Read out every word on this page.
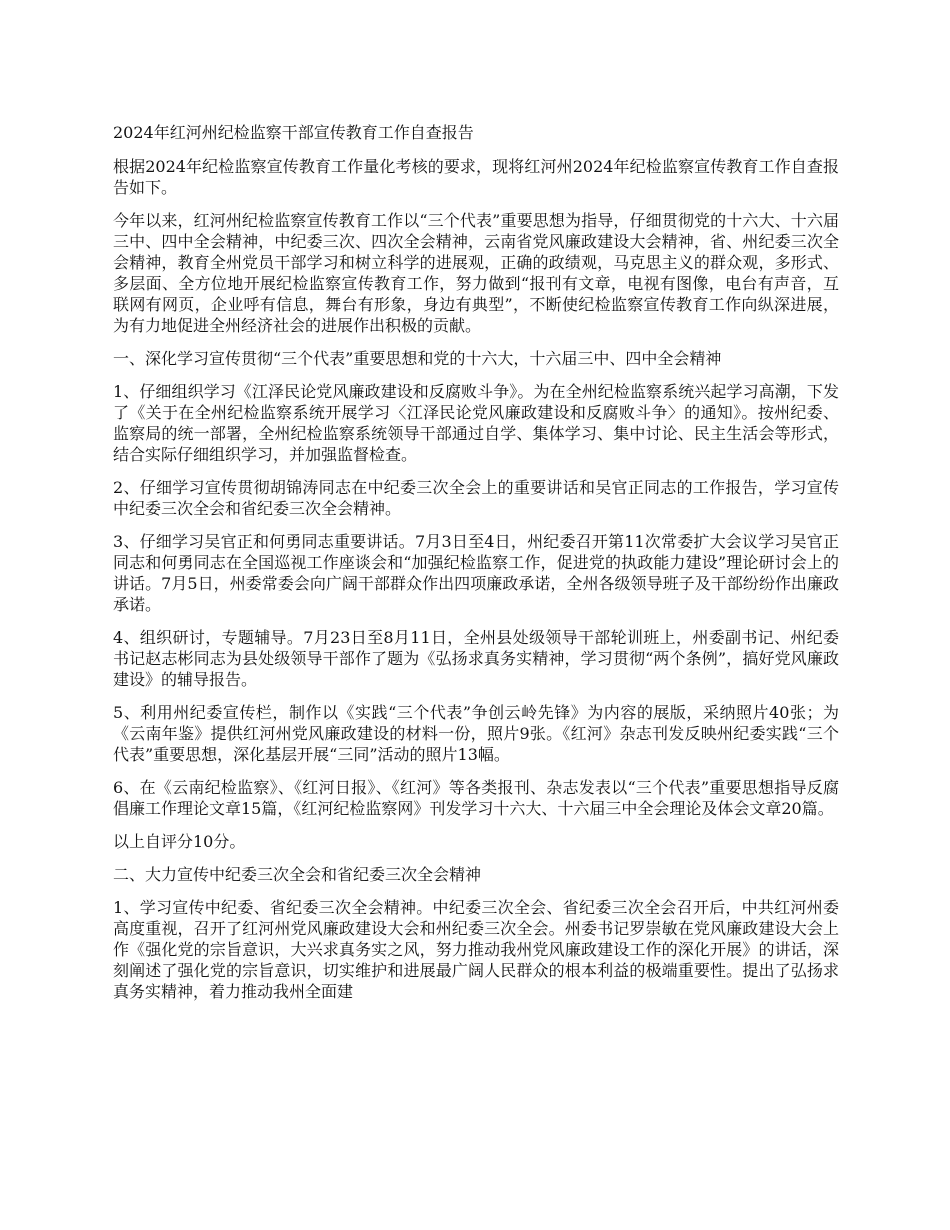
2024年红河州纪检监察干部宣传教育工作自查报告

根据2024年纪检监察宣传教育工作量化考核的要求，现将红河州2024年纪检监察宣传教育工作自查报告如下。

今年以来，红河州纪检监察宣传教育工作以“三个代表”重要思想为指导，仔细贯彻党的十六大、十六届三中、四中全会精神，中纪委三次、四次全会精神，云南省党风廉政建设大会精神，省、州纪委三次全会精神，教育全州党员干部学习和树立科学的进展观，正确的政绩观，马克思主义的群众观，多形式、多层面、全方位地开展纪检监察宣传教育工作，努力做到“报刊有文章，电视有图像，电台有声音，互联网有网页，企业呼有信息，舞台有形象，身边有典型”，不断使纪检监察宣传教育工作向纵深进展，为有力地促进全州经济社会的进展作出积极的贡献。

一、深化学习宣传贯彻“三个代表”重要思想和党的十六大，十六届三中、四中全会精神

1、仔细组织学习《江泽民论党风廉政建设和反腐败斗争》。为在全州纪检监察系统兴起学习高潮，下发了《关于在全州纪检监察系统开展学习〈江泽民论党风廉政建设和反腐败斗争〉的通知》。按州纪委、监察局的统一部署，全州纪检监察系统领导干部通过自学、集体学习、集中讨论、民主生活会等形式，结合实际仔细组织学习，并加强监督检查。

2、仔细学习宣传贯彻胡锦涛同志在中纪委三次全会上的重要讲话和吴官正同志的工作报告，学习宣传中纪委三次全会和省纪委三次全会精神。

3、仔细学习吴官正和何勇同志重要讲话。7月3日至4日，州纪委召开第11次常委扩大会议学习吴官正同志和何勇同志在全国巡视工作座谈会和“加强纪检监察工作，促进党的执政能力建设”理论研讨会上的讲话。7月5日，州委常委会向广阔干部群众作出四项廉政承诺，全州各级领导班子及干部纷纷作出廉政承诺。

4、组织研讨，专题辅导。7月23日至8月11日，全州县处级领导干部轮训班上，州委副书记、州纪委书记赵志彬同志为县处级领导干部作了题为《弘扬求真务实精神，学习贯彻“两个条例”，搞好党风廉政建设》的辅导报告。

5、利用州纪委宣传栏，制作以《实践“三个代表”争创云岭先锋》为内容的展版，采纳照片40张；为《云南年鉴》提供红河州党风廉政建设的材料一份，照片9张。《红河》杂志刊发反映州纪委实践“三个代表”重要思想，深化基层开展“三同”活动的照片13幅。

6、在《云南纪检监察》、《红河日报》、《红河》等各类报刊、杂志发表以“三个代表”重要思想指导反腐倡廉工作理论文章15篇，《红河纪检监察网》刊发学习十六大、十六届三中全会理论及体会文章20篇。

以上自评分10分。

二、大力宣传中纪委三次全会和省纪委三次全会精神

1、学习宣传中纪委、省纪委三次全会精神。中纪委三次全会、省纪委三次全会召开后，中共红河州委高度重视，召开了红河州党风廉政建设大会和州纪委三次全会。州委书记罗崇敏在党风廉政建设大会上作《强化党的宗旨意识，大兴求真务实之风，努力推动我州党风廉政建设工作的深化开展》的讲话，深刻阐述了强化党的宗旨意识，切实维护和进展最广阔人民群众的根本利益的极端重要性。提出了弘扬求真务实精神，着力推动我州全面建
